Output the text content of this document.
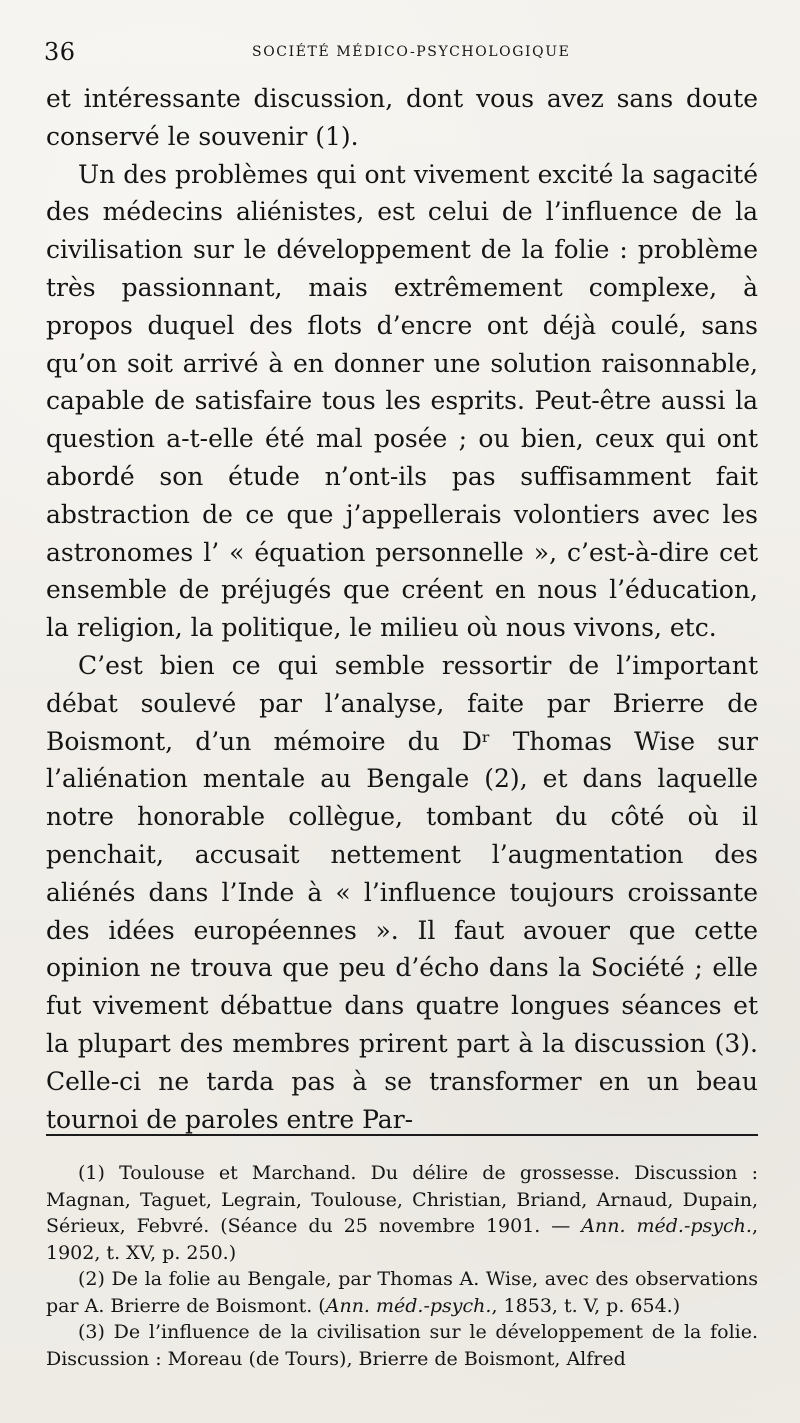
36	SOCIÉTÉ MÉDICO-PSYCHOLOGIQUE

et intéressante discussion, dont vous avez sans doute conservé le souvenir (1).

Un des problèmes qui ont vivement excité la sagacité des médecins aliénistes, est celui de l’influence de la civilisation sur le développement de la folie : problème très passionnant, mais extrêmement complexe, à propos duquel des flots d’encre ont déjà coulé, sans qu’on soit arrivé à en donner une solution raisonnable, capable de satisfaire tous les esprits. Peut-être aussi la question a-t-elle été mal posée ; ou bien, ceux qui ont abordé son étude n’ont-ils pas suffisamment fait abstraction de ce que j’appellerais volontiers avec les astronomes l’ « équation personnelle », c’est-à-dire cet ensemble de préjugés que créent en nous l’éducation, la religion, la politique, le milieu où nous vivons, etc.

C’est bien ce qui semble ressortir de l’important débat soulevé par l’analyse, faite par Brierre de Boismont, d’un mémoire du Dʳ Thomas Wise sur l’aliénation mentale au Bengale (2), et dans laquelle notre honorable collègue, tombant du côté où il penchait, accusait nettement l’augmentation des aliénés dans l’Inde à « l’influence toujours croissante des idées européennes ». Il faut avouer que cette opinion ne trouva que peu d’écho dans la Société ; elle fut vivement débattue dans quatre longues séances et la plupart des membres prirent part à la discussion (3). Celle-ci ne tarda pas à se transformer en un beau tournoi de paroles entre Par-

(1) Toulouse et Marchand. Du délire de grossesse. Discussion : Magnan, Taguet, Legrain, Toulouse, Christian, Briand, Arnaud, Dupain, Sérieux, Febvré. (Séance du 25 novembre 1901. — Ann. méd.-psych., 1902, t. XV, p. 250.)

(2) De la folie au Bengale, par Thomas A. Wise, avec des observations par A. Brierre de Boismont. (Ann. méd.-psych., 1853, t. V, p. 654.)

(3) De l’influence de la civilisation sur le développement de la folie. Discussion : Moreau (de Tours), Brierre de Boismont, Alfred
